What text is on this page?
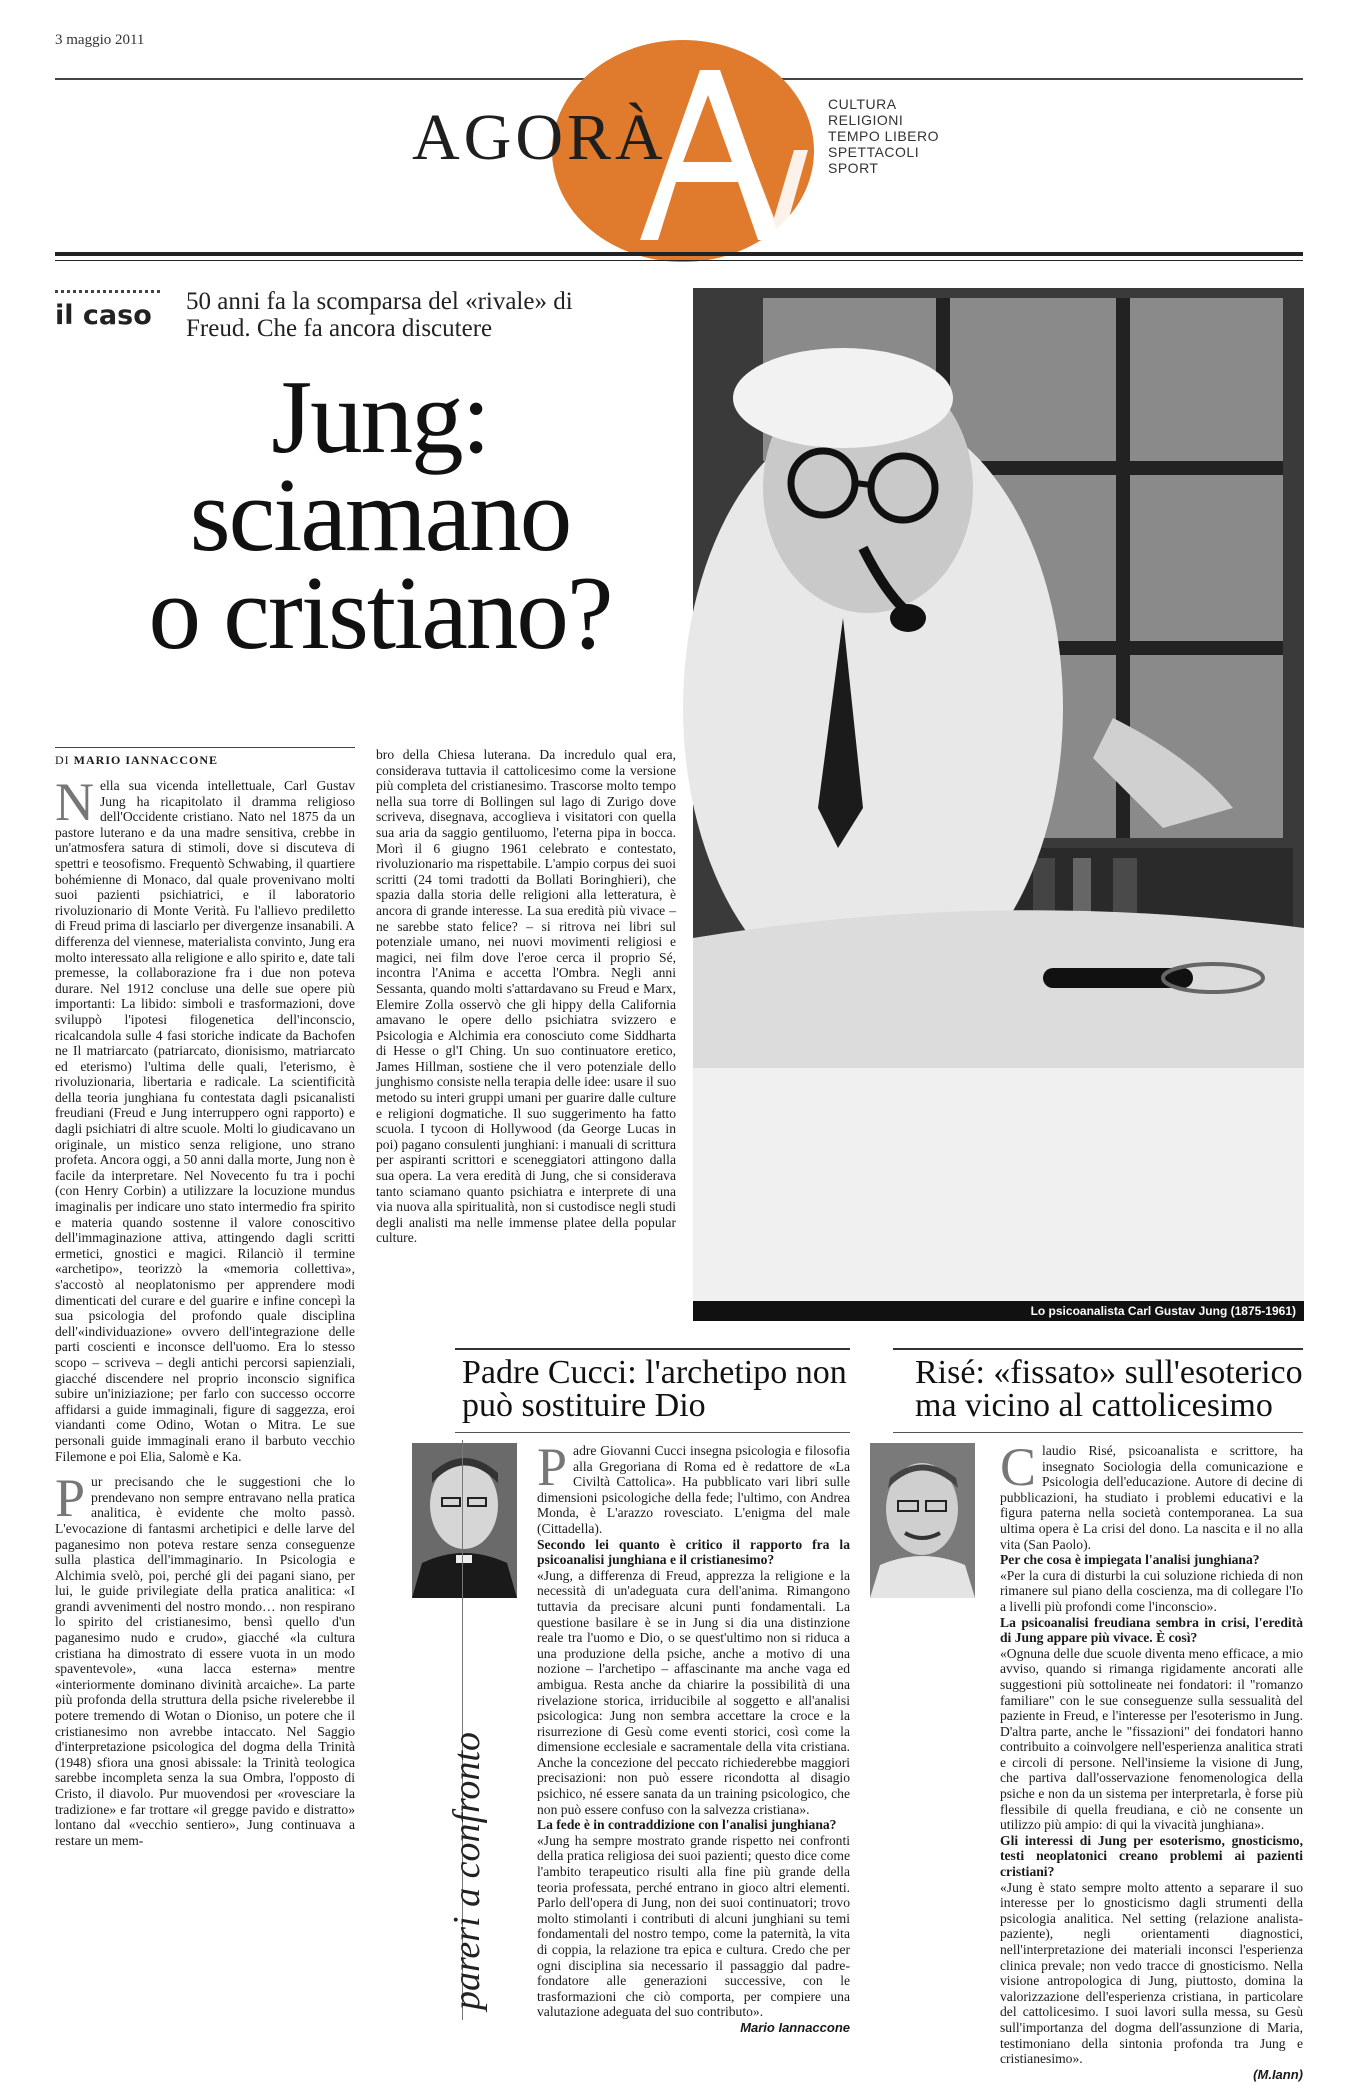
3 maggio 2011
AGORÀ	CULTURA
RELIGIONI
TEMPO LIBERO
SPETTACOLI
SPORT
il caso 50 anni fa la scomparsa del «rivale» di Freud. Che fa ancora discutere
Jung:
sciamano
o cristiano?
Lo psicoanalista Carl Gustav Jung (1875-1961)
DI MARIO IANNACCONE

N ella sua vicenda intellettuale, Carl Gustav Jung ha ricapitolato il dramma religioso dell'Occidente cristiano. Nato nel 1875 da un pastore luterano e da una madre sensitiva, crebbe in un'atmosfera satura di stimoli, dove si discuteva di spettri e teosofismo. Frequentò Schwabing, il quartiere bohémienne di Monaco, dal quale provenivano molti suoi pazienti psichiatrici, e il laboratorio rivoluzionario di Monte Verità. Fu l'allievo prediletto di Freud prima di lasciarlo per divergenze insanabili. A differenza del viennese, materialista convinto, Jung era molto interessato alla religione e allo spirito e, date tali premesse, la collaborazione fra i due non poteva durare. Nel 1912 concluse una delle sue opere più importanti: La libido: simboli e trasformazioni, dove sviluppò l'ipotesi filogenetica dell'inconscio, ricalcandola sulle 4 fasi storiche indicate da Bachofen ne Il matriarcato (patriarcato, dionisismo, matriarcato ed eterismo) l'ultima delle quali, l'eterismo, è rivoluzionaria, libertaria e radicale. La scientificità della teoria junghiana fu contestata dagli psicanalisti freudiani (Freud e Jung interruppero ogni rapporto) e dagli psichiatri di altre scuole. Molti lo giudicavano un originale, un mistico senza religione, uno strano profeta. Ancora oggi, a 50 anni dalla morte, Jung non è facile da interpretare. Nel Novecento fu tra i pochi (con Henry Corbin) a utilizzare la locuzione mundus imaginalis per indicare uno stato intermedio fra spirito e materia quando sostenne il valore conoscitivo dell'immaginazione attiva, attingendo dagli scritti ermetici, gnostici e magici. Rilanciò il termine «archetipo», teorizzò la «memoria collettiva», s'accostò al neoplatonismo per apprendere modi dimenticati del curare e del guarire e infine concepì la sua psicologia del profondo quale disciplina dell'«individuazione» ovvero dell'integrazione delle parti coscienti e inconsce dell'uomo. Era lo stesso scopo – scriveva – degli antichi percorsi sapienziali, giacché discendere nel proprio inconscio significa subire un'iniziazione; per farlo con successo occorre affidarsi a guide immaginali, figure di saggezza, eroi viandanti come Odino, Wotan o Mitra. Le sue personali guide immaginali erano il barbuto vecchio Filemone e poi Elia, Salomè e Ka.

P ur precisando che le suggestioni che lo prendevano non sempre entravano nella pratica analitica, è evidente che molto passò. L'evocazione di fantasmi archetipici e delle larve del paganesimo non poteva restare senza conseguenze sulla plastica dell'immaginario. In Psicologia e Alchimia svelò, poi, perché gli dei pagani siano, per lui, le guide privilegiate della pratica analitica: «I grandi avvenimenti del nostro mondo… non respirano lo spirito del cristianesimo, bensì quello d'un paganesimo nudo e crudo», giacché «la cultura cristiana ha dimostrato di essere vuota in un modo spaventevole», «una lacca esterna» mentre «interiormente dominano divinità arcaiche». La parte più profonda della struttura della psiche rivelerebbe il potere tremendo di Wotan o Dioniso, un potere che il cristianesimo non avrebbe intaccato. Nel Saggio d'interpretazione psicologica del dogma della Trinità (1948) sfiora una gnosi abissale: la Trinità teologica sarebbe incompleta senza la sua Ombra, l'opposto di Cristo, il diavolo. Pur muovendosi per «rovesciare la tradizione» e far trottare «il gregge pavido e distratto» lontano dal «vecchio sentiero», Jung continuava a restare un mem-

bro della Chiesa luterana. Da incredulo qual era, considerava tuttavia il cattolicesimo come la versione più completa del cristianesimo. Trascorse molto tempo nella sua torre di Bollingen sul lago di Zurigo dove scriveva, disegnava, accoglieva i visitatori con quella sua aria da saggio gentiluomo, l'eterna pipa in bocca. Morì il 6 giugno 1961 celebrato e contestato, rivoluzionario ma rispettabile. L'ampio corpus dei suoi scritti (24 tomi tradotti da Bollati Boringhieri), che spazia dalla storia delle religioni alla letteratura, è ancora di grande interesse. La sua eredità più vivace – ne sarebbe stato felice? – si ritrova nei libri sul potenziale umano, nei nuovi movimenti religiosi e magici, nei film dove l'eroe cerca il proprio Sé, incontra l'Anima e accetta l'Ombra. Negli anni Sessanta, quando molti s'attardavano su Freud e Marx, Elemire Zolla osservò che gli hippy della California amavano le opere dello psichiatra svizzero e Psicologia e Alchimia era conosciuto come Siddharta di Hesse o gl'I Ching. Un suo continuatore eretico, James Hillman, sostiene che il vero potenziale dello junghismo consiste nella terapia delle idee: usare il suo metodo su interi gruppi umani per guarire dalle culture e religioni dogmatiche. Il suo suggerimento ha fatto scuola. I tycoon di Hollywood (da George Lucas in poi) pagano consulenti junghiani: i manuali di scrittura per aspiranti scrittori e sceneggiatori attingono dalla sua opera. La vera eredità di Jung, che si considerava tanto sciamano quanto psichiatra e interprete di una via nuova alla spiritualità, non si custodisce negli studi degli analisti ma nelle immense platee della popular culture.

Padre Cucci: l'archetipo non può sostituire Dio
pareri a confronto

P adre Giovanni Cucci insegna psicologia e filosofia alla Gregoriana di Roma ed è redattore de «La Civiltà Cattolica». Ha pubblicato vari libri sulle dimensioni psicologiche della fede; l'ultimo, con Andrea Monda, è L'arazzo rovesciato. L'enigma del male (Cittadella).

Secondo lei quanto è critico il rapporto fra la psicoanalisi junghiana e il cristianesimo?

«Jung, a differenza di Freud, apprezza la religione e la necessità di un'adeguata cura dell'anima. Rimangono tuttavia da precisare alcuni punti fondamentali. La questione basilare è se in Jung si dia una distinzione reale tra l'uomo e Dio, o se quest'ultimo non si riduca a una produzione della psiche, anche a motivo di una nozione – l'archetipo – affascinante ma anche vaga ed ambigua. Resta anche da chiarire la possibilità di una rivelazione storica, irriducibile al soggetto e all'analisi psicologica: Jung non sembra accettare la croce e la risurrezione di Gesù come eventi storici, così come la dimensione ecclesiale e sacramentale della vita cristiana. Anche la concezione del peccato richiederebbe maggiori precisazioni: non può essere ricondotta al disagio psichico, né essere sanata da un training psicologico, che non può essere confuso con la salvezza cristiana».

La fede è in contraddizione con l'analisi junghiana?

«Jung ha sempre mostrato grande rispetto nei confronti della pratica religiosa dei suoi pazienti; questo dice come l'ambito terapeutico risulti alla fine più grande della teoria professata, perché entrano in gioco altri elementi. Parlo dell'opera di Jung, non dei suoi continuatori; trovo molto stimolanti i contributi di alcuni junghiani su temi fondamentali del nostro tempo, come la paternità, la vita di coppia, la relazione tra epica e cultura. Credo che per ogni disciplina sia necessario il passaggio dal padre-fondatore alle generazioni successive, con le trasformazioni che ciò comporta, per compiere una valutazione adeguata del suo contributo».

Mario Iannaccone

Risé: «fissato» sull'esoterico ma vicino al cattolicesimo

C laudio Risé, psicoanalista e scrittore, ha insegnato Sociologia della comunicazione e Psicologia dell'educazione. Autore di decine di pubblicazioni, ha studiato i problemi educativi e la figura paterna nella società contemporanea. La sua ultima opera è La crisi del dono. La nascita e il no alla vita (San Paolo).

Per che cosa è impiegata l'analisi junghiana?

«Per la cura di disturbi la cui soluzione richieda di non rimanere sul piano della coscienza, ma di collegare l'Io a livelli più profondi come l'inconscio».

La psicoanalisi freudiana sembra in crisi, l'eredità di Jung appare più vivace. È così?

«Ognuna delle due scuole diventa meno efficace, a mio avviso, quando si rimanga rigidamente ancorati alle suggestioni più sottolineate nei fondatori: il "romanzo familiare" con le sue conseguenze sulla sessualità del paziente in Freud, e l'interesse per l'esoterismo in Jung. D'altra parte, anche le "fissazioni" dei fondatori hanno contribuito a coinvolgere nell'esperienza analitica strati e circoli di persone. Nell'insieme la visione di Jung, che partiva dall'osservazione fenomenologica della psiche e non da un sistema per interpretarla, è forse più flessibile di quella freudiana, e ciò ne consente un utilizzo più ampio: di qui la vivacità junghiana».

Gli interessi di Jung per esoterismo, gnosticismo, testi neoplatonici creano problemi ai pazienti cristiani?

«Jung è stato sempre molto attento a separare il suo interesse per lo gnosticismo dagli strumenti della psicologia analitica. Nel setting (relazione analista-paziente), negli orientamenti diagnostici, nell'interpretazione dei materiali inconsci l'esperienza clinica prevale; non vedo tracce di gnosticismo. Nella visione antropologica di Jung, piuttosto, domina la valorizzazione dell'esperienza cristiana, in particolare del cattolicesimo. I suoi lavori sulla messa, su Gesù sull'importanza del dogma dell'assunzione di Maria, testimoniano della sintonia profonda tra Jung e cristianesimo».

(M.Iann)
